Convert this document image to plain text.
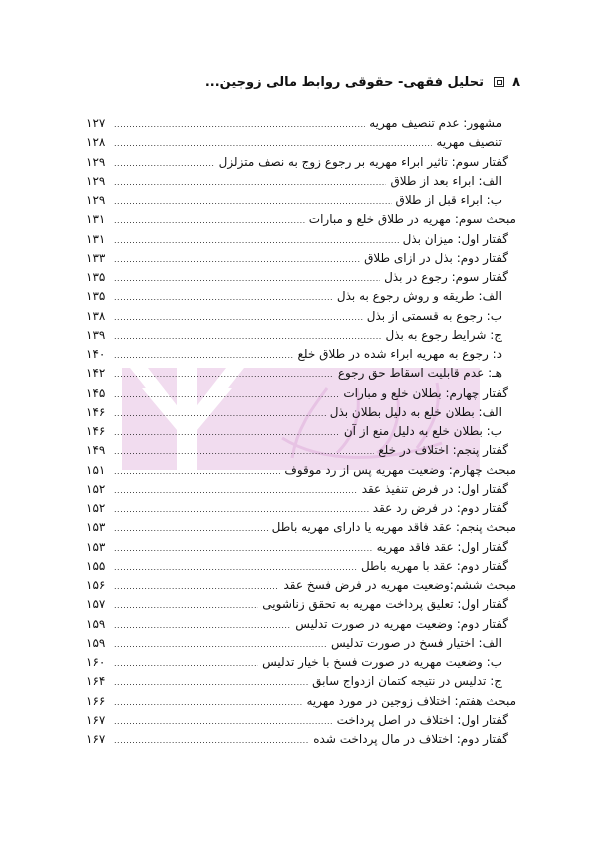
۸  تحلیل فقهی- حقوقی روابط مالی زوجین...
مشهور: عدم تنصیف مهریه
.....
۱۲۷
تنصیف مهریه
.....
۱۲۸
گفتار سوم: تاثیر ابراء مهریه بر رجوع زوج به نصف متزلزل
.....
۱۲۹
الف: ابراء بعد از طلاق
.....
۱۲۹
ب: ابراء قبل از طلاق
.....
۱۲۹
مبحث سوم: مهریه در طلاق خلع و مبارات
.....
۱۳۱
گفتار اول: میزان بذل
.....
۱۳۱
گفتار دوم: بذل در ازای طلاق
.....
۱۳۳
گفتار سوم: رجوع در بذل
.....
۱۳۵
الف: طریقه و روش رجوع به بذل
.....
۱۳۵
ب: رجوع به قسمتی از بذل
.....
۱۳۸
ج: شرایط رجوع به بذل
.....
۱۳۹
د: رجوع به مهریه ابراء شده در طلاق خلع
.....
۱۴۰
هـ: عدم قابلیت اسقاط حق رجوع
.....
۱۴۲
گفتار چهارم: بطلان خلع و مبارات
.....
۱۴۵
الف: بطلان خلع به دلیل بطلان بذل
.....
۱۴۶
ب: بطلان خلع به دلیل منع از آن
.....
۱۴۶
گفتار پنجم: اختلاف در خلع
.....
۱۴۹
مبحث چهارم: وضعیت مهریه پس از رد موقوف
.....
۱۵۱
گفتار اول: در فرض تنفیذ عقد
.....
۱۵۲
گفتار دوم: در فرض رد عقد
.....
۱۵۲
مبحث پنجم: عقد فاقد مهریه یا دارای مهریه باطل
.....
۱۵۳
گفتار اول: عقد فاقد مهریه
.....
۱۵۳
گفتار دوم: عقد با مهریه باطل
.....
۱۵۵
مبحث ششم:وضعیت مهریه در فرض فسخ عقد
.....
۱۵۶
گفتار اول: تعلیق پرداخت مهریه به تحقق زناشویی
.....
۱۵۷
گفتار دوم: وضعیت مهریه در صورت تدلیس
.....
۱۵۹
الف: اختیار فسخ در صورت تدلیس
.....
۱۵۹
ب: وضعیت مهریه در صورت فسخ با خیار تدلیس
.....
۱۶۰
ج: تدلیس در نتیجه کتمان ازدواج سابق
.....
۱۶۴
مبحث هفتم: اختلاف زوجین در مورد مهریه
.....
۱۶۶
گفتار اول: اختلاف در اصل پرداخت
.....
۱۶۷
گفتار دوم: اختلاف در مال پرداخت شده
.....
۱۶۷
